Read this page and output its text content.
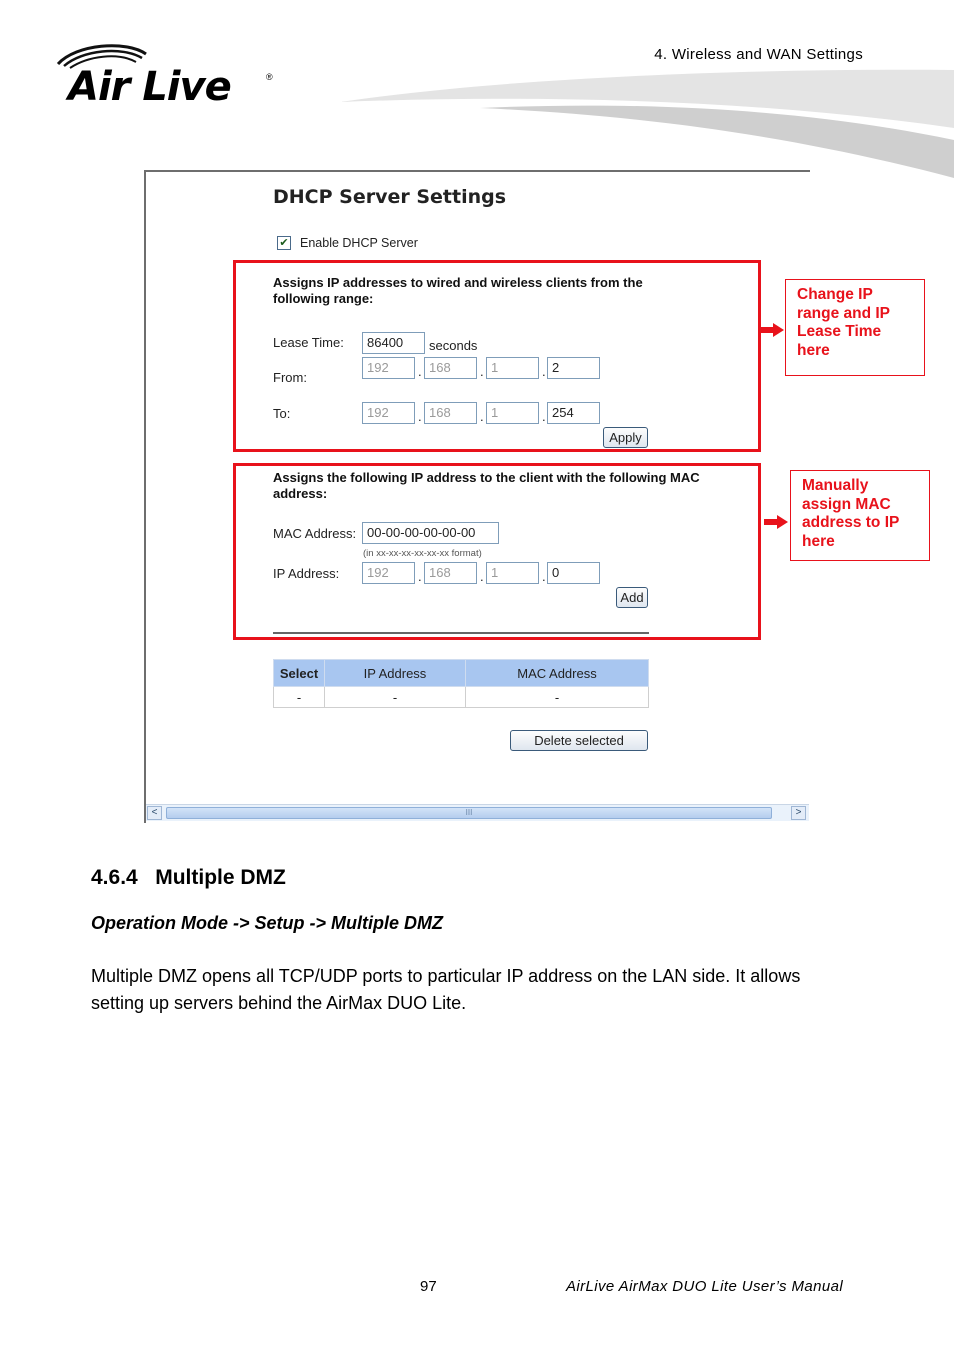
4. Wireless and WAN Settings
Air Live	®
DHCP Server Settings
✔ Enable DHCP Server
Assigns IP addresses to wired and wireless clients from the
following range:
Lease Time:	86400	seconds
From:
192	. 168	. 1	. 2
To:	192	. 168	. 1	. 254
Apply
Assigns the following IP address to the client with the following MAC
address:
MAC Address: 00-00-00-00-00-00
(in xx-xx-xx-xx-xx-xx format)
IP Address:	192	. 168	. 1	. 0
Add
Select	IP Address	MAC Address
-	-	-
Delete selected
<	III	>
Change IP
range and IP
Lease Time
here
Manually
assign MAC
address to IP
here
4.6.4   Multiple DMZ
Operation Mode -> Setup -> Multiple DMZ
Multiple DMZ opens all TCP/UDP ports to particular IP address on the LAN side. It allows
setting up servers behind the AirMax DUO Lite.
97	AirLive AirMax DUO Lite User’s Manual
